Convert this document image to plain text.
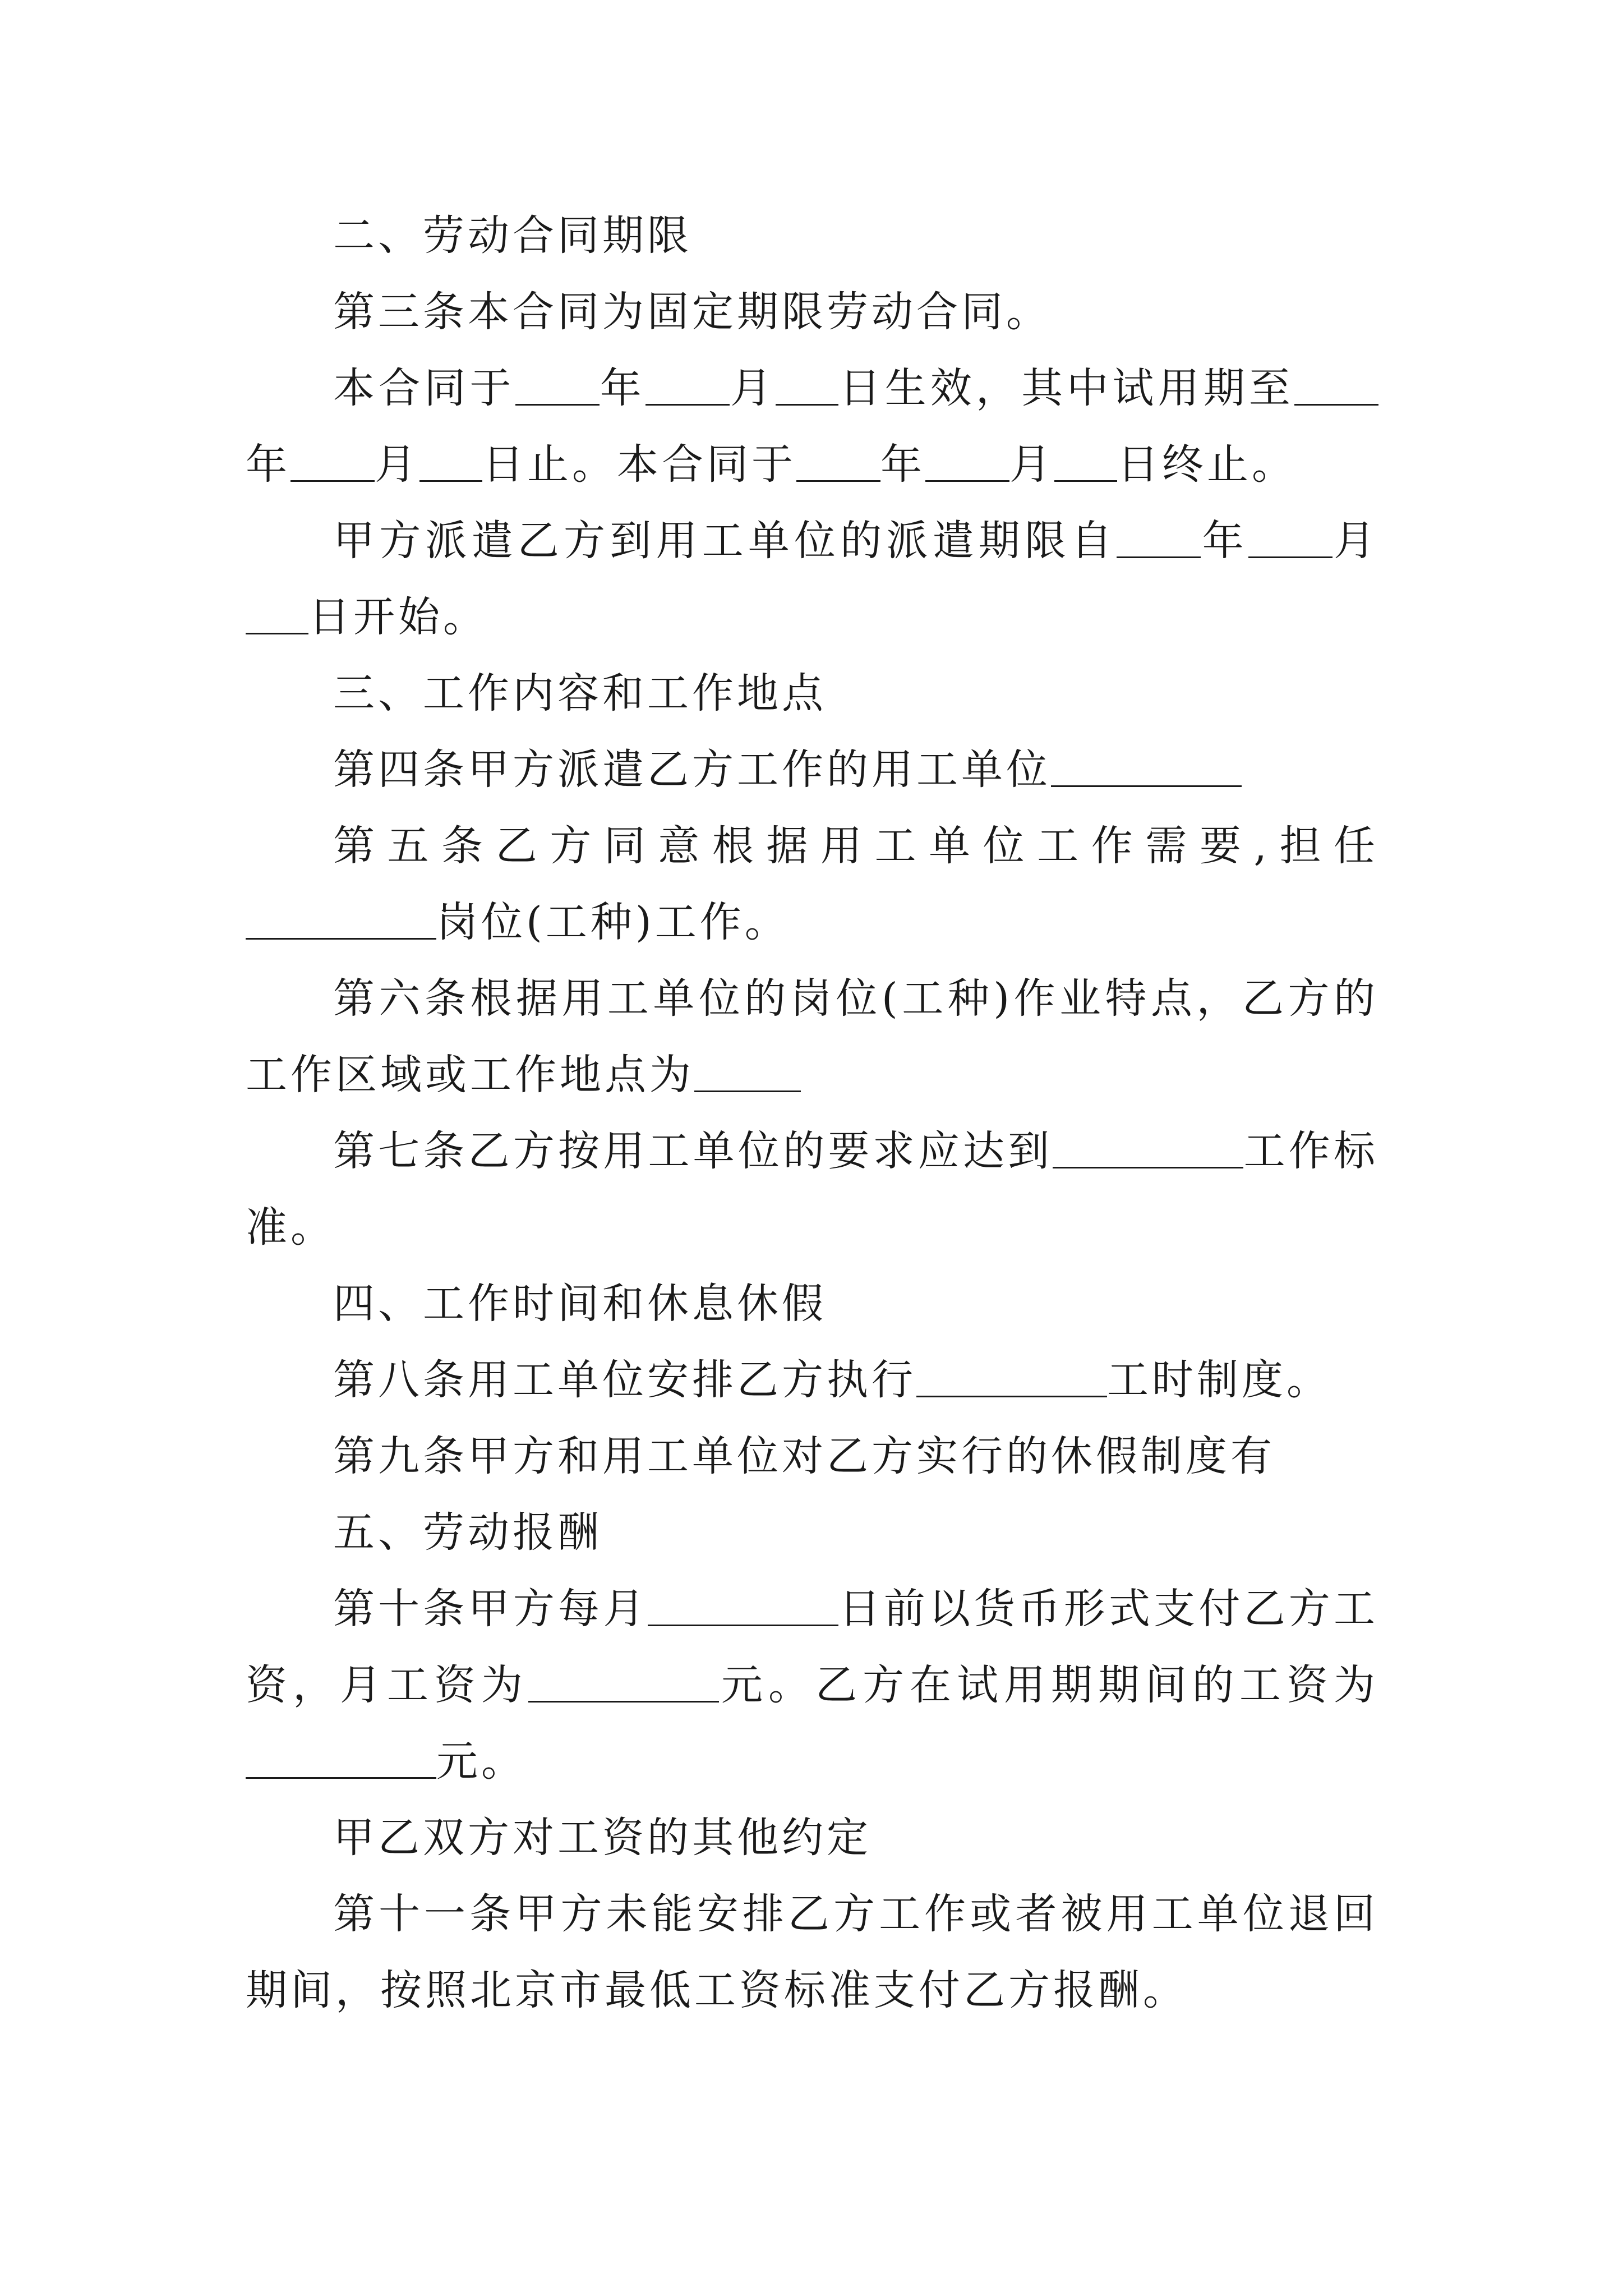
二、劳动合同期限

第三条本合同为固定期限劳动合同。

本合同于 年 月 日生效，其中试用期至年 月 日止。本合同于 年 月 日终止。

甲方派遣乙方到用工单位的派遣期限自 年 月日开始。

三、工作内容和工作地点

第四条甲方派遣乙方工作的用工单位

第五条乙方同意根据用工单位工作需要,担任岗位(工种)工作。

第六条根据用工单位的岗位(工种)作业特点，乙方的工作区域或工作地点为

第七条乙方按用工单位的要求应达到	工作标准。

四、工作时间和休息休假

第八条用工单位安排乙方执行	工时制度。

第九条甲方和用工单位对乙方实行的休假制度有

五、劳动报酬

第十条甲方每月	日前以货币形式支付乙方工资，月工资为	元。乙方在试用期期间的工资为元。

甲乙双方对工资的其他约定

第十一条甲方未能安排乙方工作或者被用工单位退回期间，按照北京市最低工资标准支付乙方报酬。
